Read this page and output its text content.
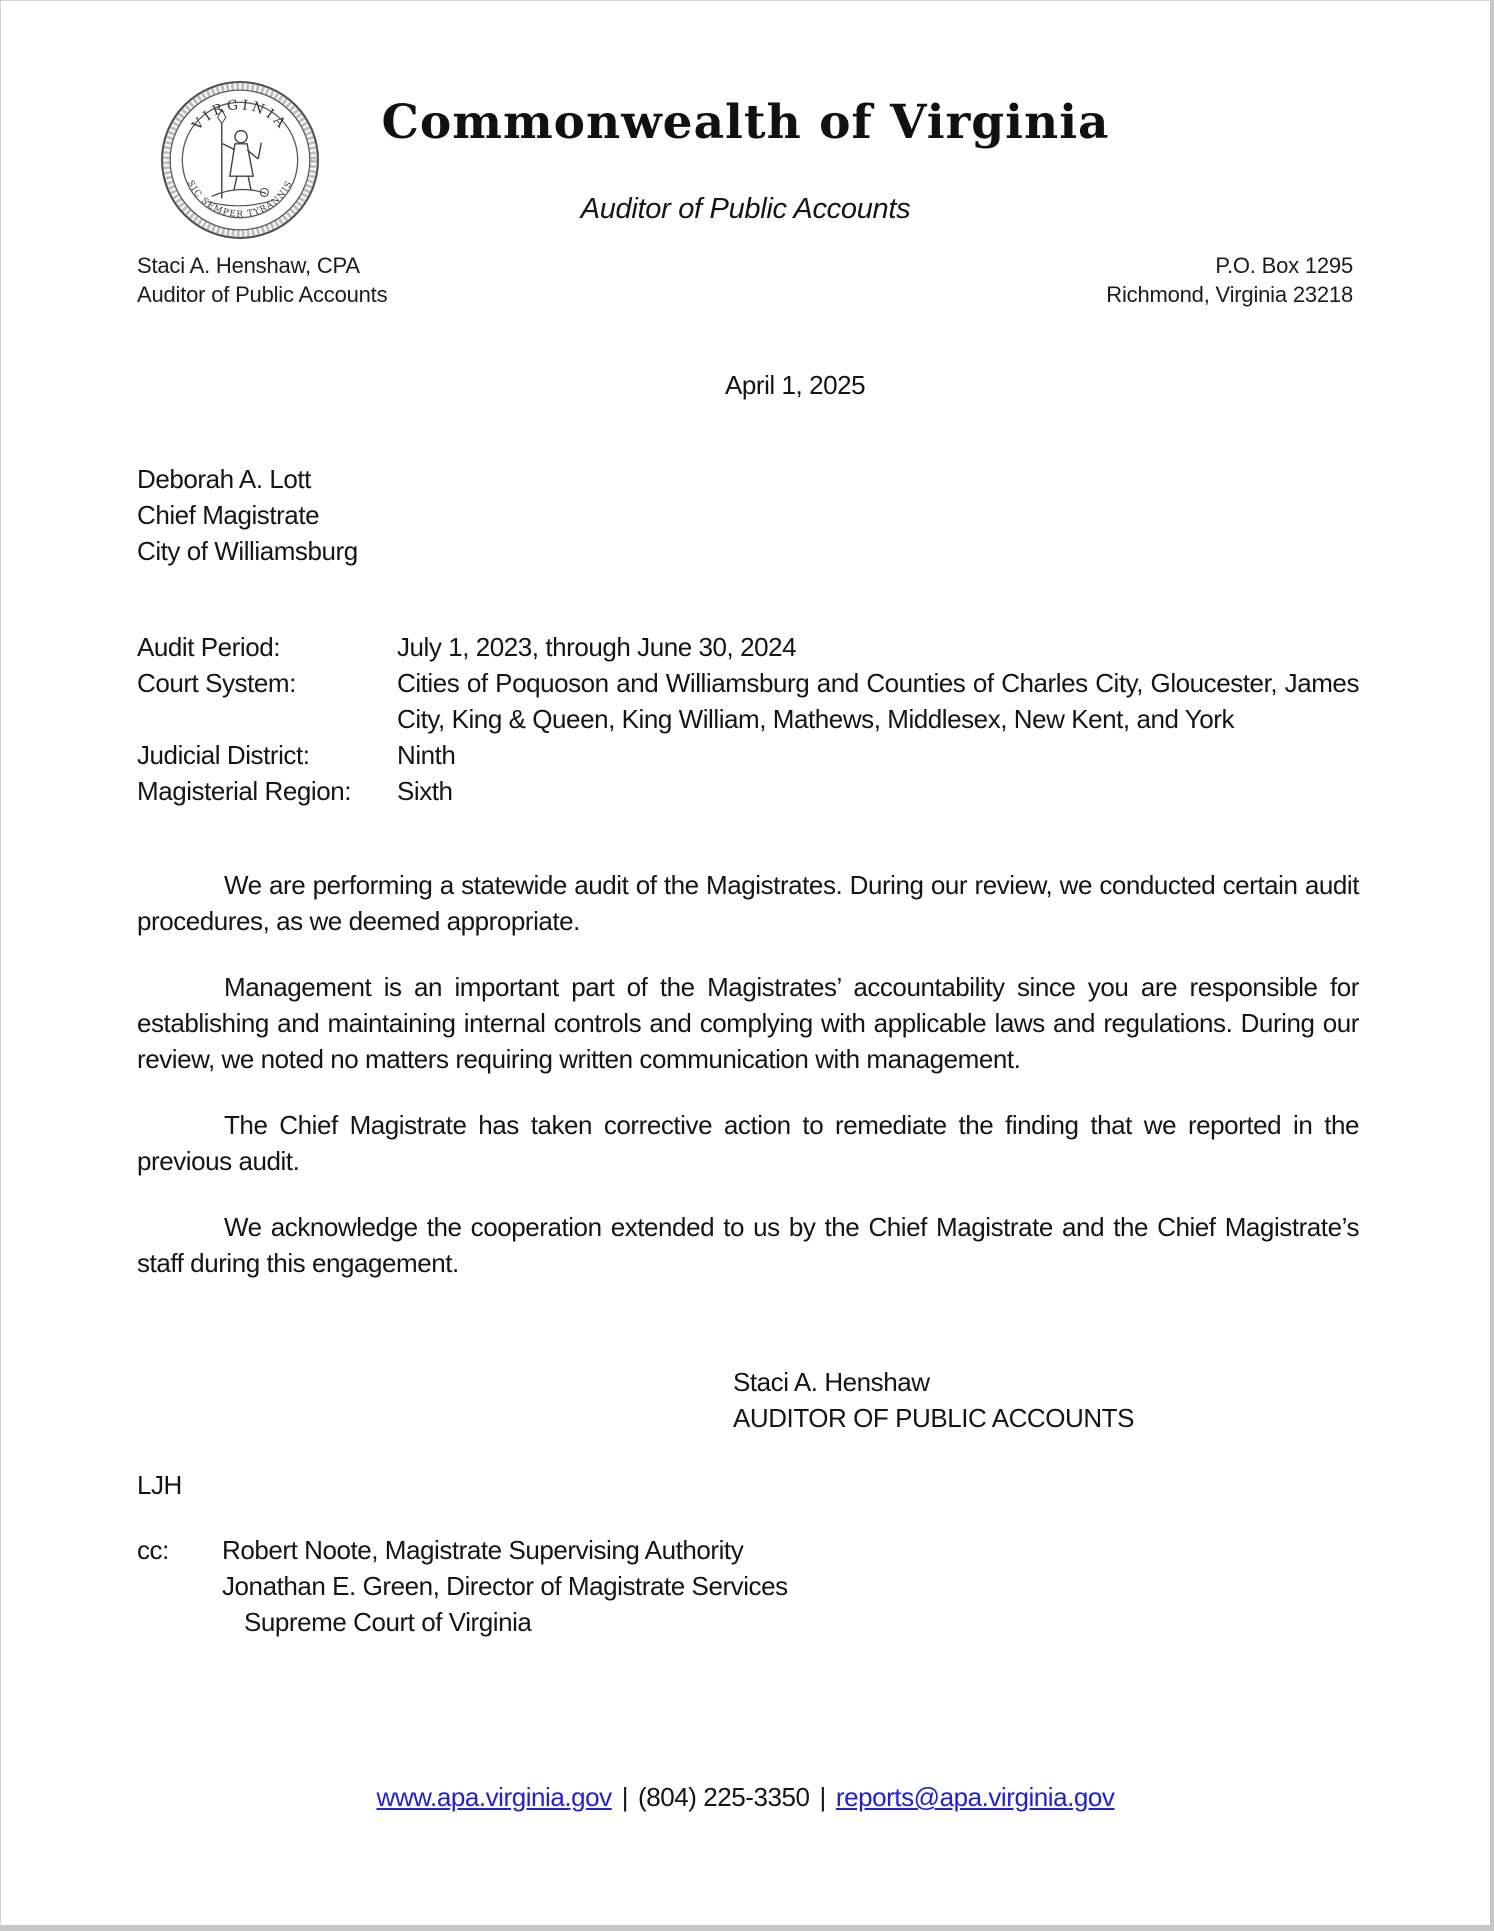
VIRGINIA
SIC SEMPER TYRANNIS
Commonwealth of Virginia
Auditor of Public Accounts
Staci A. Henshaw, CPA
Auditor of Public Accounts
P.O. Box 1295
Richmond, Virginia 23218
April 1, 2025
Deborah A. Lott
Chief Magistrate
City of Williamsburg
Audit Period:	July 1, 2023, through June 30, 2024
Court System:	Cities of Poquoson and Williamsburg and Counties of Charles City, Gloucester, James City, King & Queen, King William, Mathews, Middlesex, New Kent, and York
Judicial District:	Ninth
Magisterial Region:	Sixth

We are performing a statewide audit of the Magistrates. During our review, we conducted certain audit procedures, as we deemed appropriate.

Management is an important part of the Magistrates’ accountability since you are responsible for establishing and maintaining internal controls and complying with applicable laws and regulations. During our review, we noted no matters requiring written communication with management.

The Chief Magistrate has taken corrective action to remediate the finding that we reported in the previous audit.

We acknowledge the cooperation extended to us by the Chief Magistrate and the Chief Magistrate’s staff during this engagement.

Staci A. Henshaw
AUDITOR OF PUBLIC ACCOUNTS
LJH
cc:	Robert Noote, Magistrate Supervising Authority
Jonathan E. Green, Director of Magistrate Services
Supreme Court of Virginia
www.apa.virginia.gov | (804) 225-3350 | reports@apa.virginia.gov
